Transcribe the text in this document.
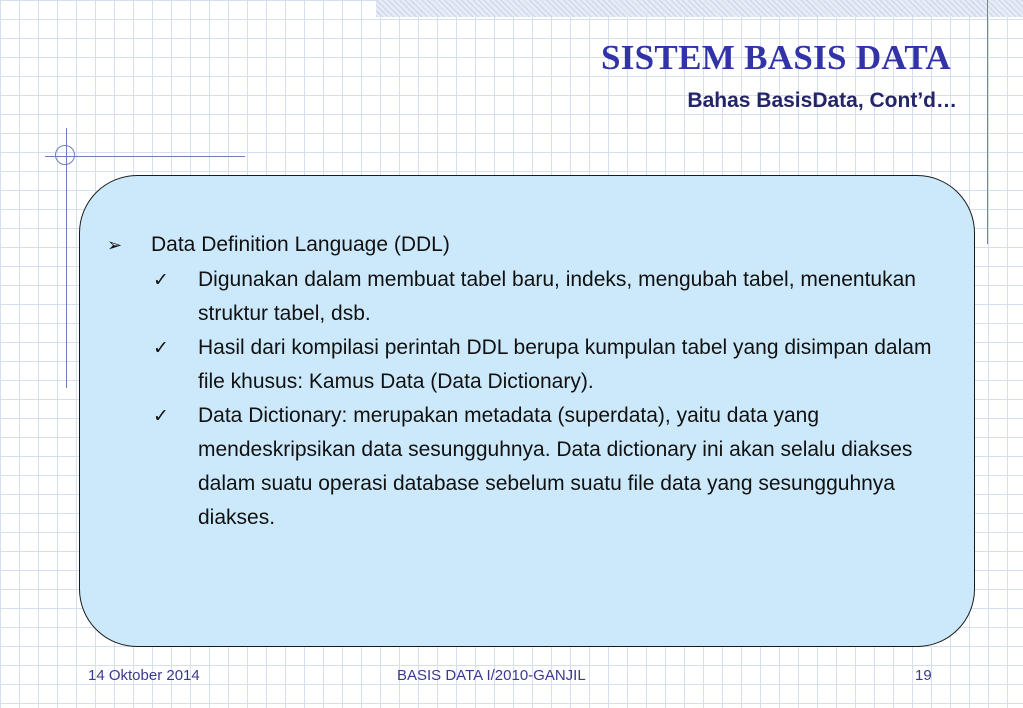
SISTEM BASIS DATA
Bahas BasisData, Cont’d…
➢ Data Definition Language (DDL)
✓ Digunakan dalam membuat tabel baru, indeks, mengubah tabel, menentukan struktur tabel, dsb.
✓ Hasil dari kompilasi perintah DDL berupa kumpulan tabel yang disimpan dalam file khusus: Kamus Data (Data Dictionary).
✓ Data Dictionary: merupakan metadata (superdata), yaitu data yang mendeskripsikan data sesungguhnya. Data dictionary ini akan selalu diakses dalam suatu operasi database sebelum suatu file data yang sesungguhnya diakses.
14 Oktober 2014	BASIS DATA I/2010-GANJIL	19
